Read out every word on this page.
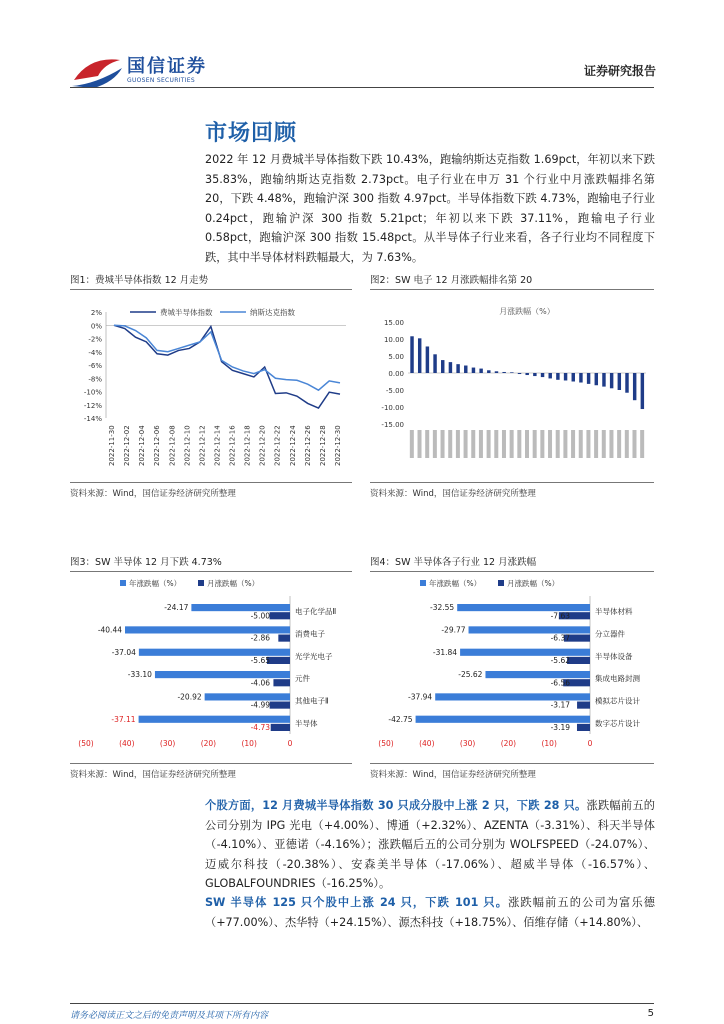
国信证券
GUOSEN SECURITIES
证券研究报告
市场回顾
2022 年 12 月费城半导体指数下跌 10.43%，跑输纳斯达克指数 1.69pct，年初以来下跌 35.83%，跑输纳斯达克指数 2.73pct。电子行业在申万 31 个行业中月涨跌幅排名第 20，下跌 4.48%，跑输沪深 300 指数 4.97pct。半导体指数下跌 4.73%，跑输电子行业 0.24pct，跑输沪深 300 指数 5.21pct；年初以来下跌 37.11%，跑输电子行业 0.58pct，跑输沪深 300 指数 15.48pct。从半导体子行业来看，各子行业均不同程度下跌，其中半导体材料跌幅最大，为 7.63%。
图1：费城半导体指数 12 月走势
2%
0%
-2%
-4%
-6%
-8%
-10%
-12%
-14%
2022-11-30 2022-12-02 2022-12-04 2022-12-06 2022-12-08 2022-12-10 2022-12-12 2022-12-14 2022-12-16 2022-12-18 2022-12-20 2022-12-22 2022-12-24 2022-12-26 2022-12-28 2022-12-30
费城半导体指数	纳斯达克指数
资料来源：Wind，国信证券经济研究所整理
图2：SW 电子 12 月涨跌幅排名第 20
月涨跌幅（%）
15.00
10.00
5.00
0.00
-5.00
-10.00
-15.00
资料来源：Wind，国信证券经济研究所整理
图3：SW 半导体 12 月下跌 4.73%
年涨跌幅（%）	月涨跌幅（%）
-24.17
-5.00	电子化学品Ⅱ
-40.44
-2.86	消费电子
-37.04
-5.65	光学光电子
-33.10
-4.06	元件
-20.92
-4.99	其他电子Ⅱ
-37.11
-4.73	半导体
(50)	(40)	(30)	(20)	(10)	0
资料来源：Wind，国信证券经济研究所整理
图4：SW 半导体各子行业 12 月涨跌幅
年涨跌幅（%）	月涨跌幅（%）
-32.55
-7.63	半导体材料
-29.77
-6.37	分立器件
-31.84
-5.62	半导体设备
-25.62
-6.56	集成电路封测
-37.94
-3.17	模拟芯片设计
-42.75
-3.19	数字芯片设计
(50)	(40)	(30)	(20)	(10)	0
资料来源：Wind，国信证券经济研究所整理
个股方面，12 月费城半导体指数 30 只成分股中上涨 2 只，下跌 28 只。涨跌幅前五的公司分别为 IPG 光电（+4.00%）、博通（+2.32%）、AZENTA（-3.31%）、科天半导体（-4.10%）、亚德诺（-4.16%）；涨跌幅后五的公司分别为 WOLFSPEED（-24.07%）、迈威尔科技（-20.38%）、安森美半导体（-17.06%）、超威半导体（-16.57%）、GLOBALFOUNDRIES（-16.25%）。
SW 半导体 125 只个股中上涨 24 只，下跌 101 只。涨跌幅前五的公司为富乐德（+77.00%）、杰华特（+24.15%）、源杰科技（+18.75%）、佰维存储（+14.80%）、
请务必阅读正文之后的免责声明及其项下所有内容	5
